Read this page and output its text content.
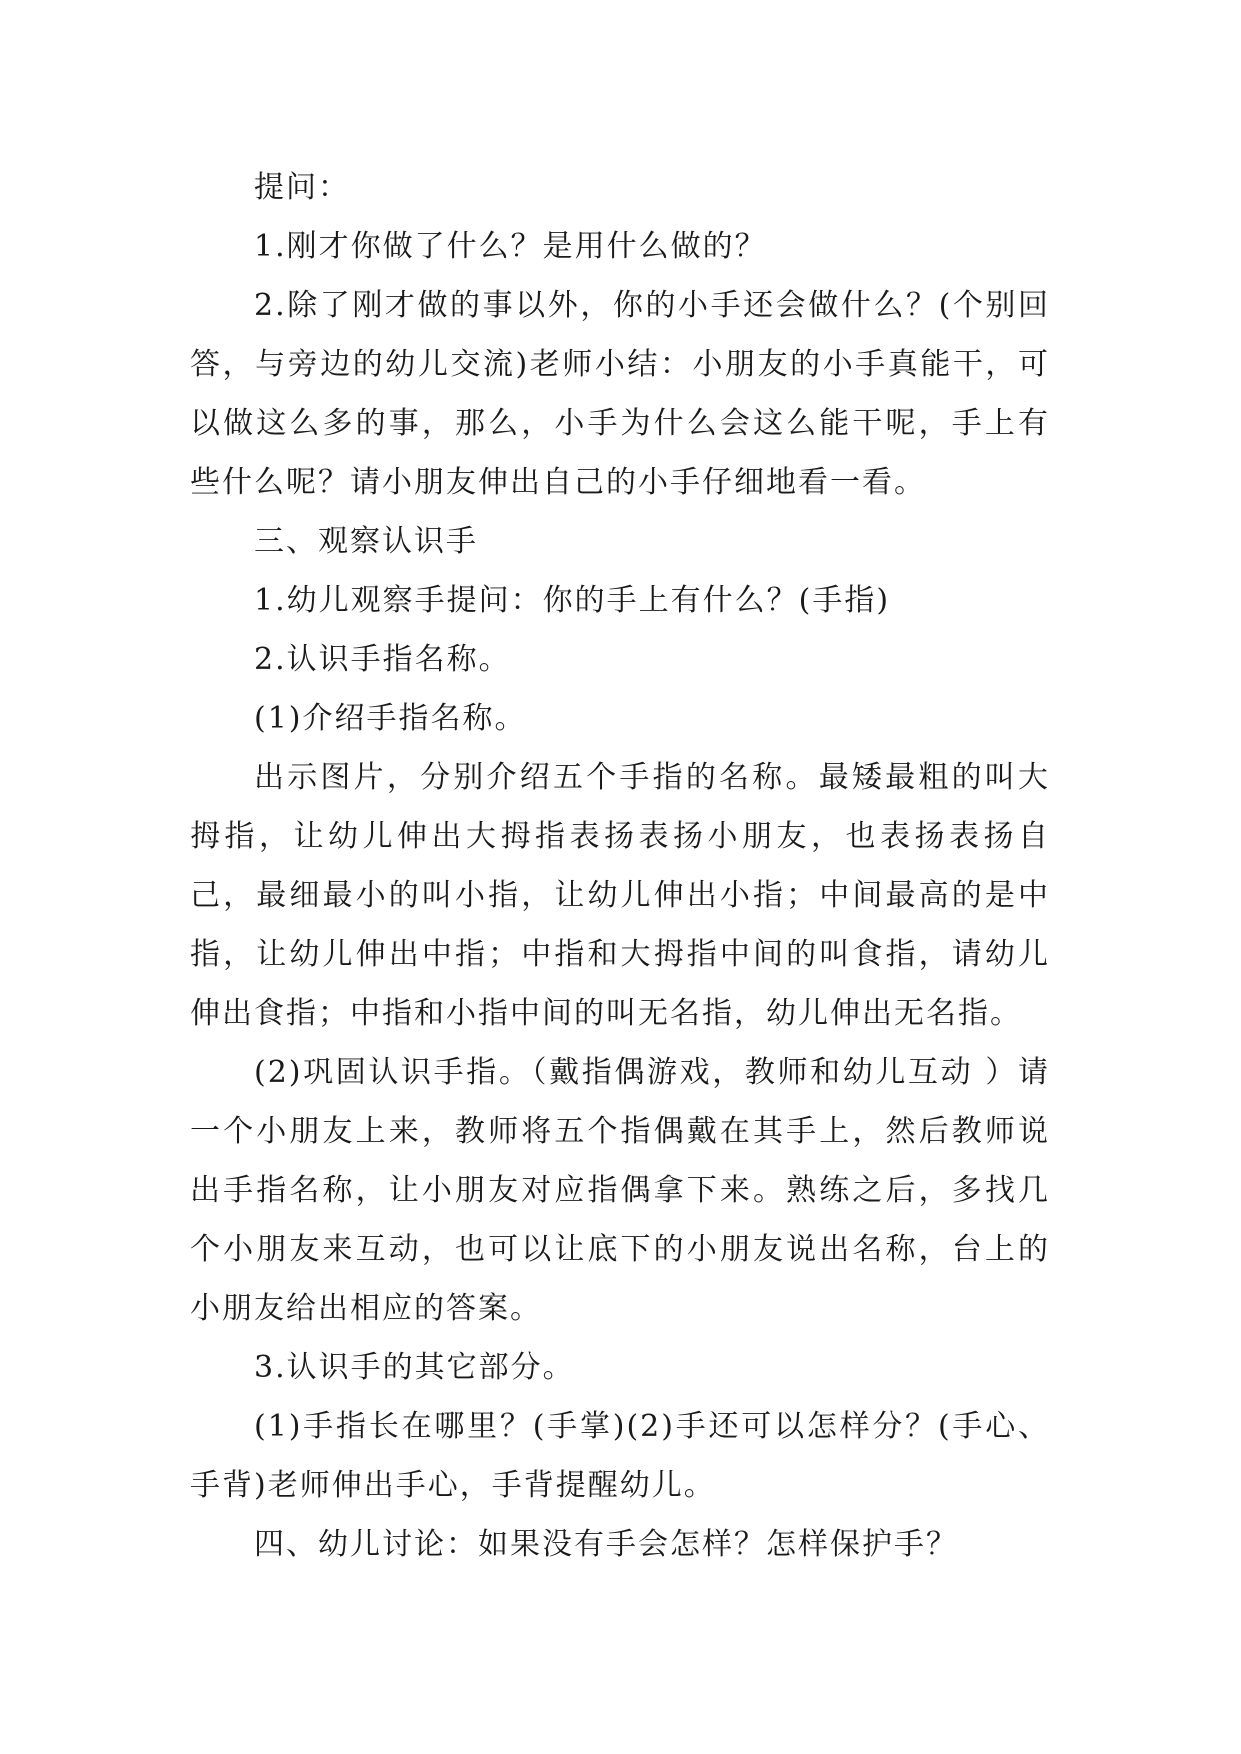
提问：

1.刚才你做了什么？是用什么做的？

2.除了刚才做的事以外，你的小手还会做什么？(个别回答，与旁边的幼儿交流)老师小结：小朋友的小手真能干，可以做这么多的事，那么，小手为什么会这么能干呢，手上有些什么呢？请小朋友伸出自己的小手仔细地看一看。

三、观察认识手

1.幼儿观察手提问：你的手上有什么？(手指)

2.认识手指名称。

(1)介绍手指名称。

出示图片，分别介绍五个手指的名称。最矮最粗的叫大拇指，让幼儿伸出大拇指表扬表扬小朋友，也表扬表扬自己，最细最小的叫小指，让幼儿伸出小指；中间最高的是中指，让幼儿伸出中指；中指和大拇指中间的叫食指，请幼儿伸出食指；中指和小指中间的叫无名指，幼儿伸出无名指。

(2)巩固认识手指。（戴指偶游戏，教师和幼儿互动 ）请一个小朋友上来，教师将五个指偶戴在其手上，然后教师说出手指名称，让小朋友对应指偶拿下来。熟练之后，多找几个小朋友来互动，也可以让底下的小朋友说出名称，台上的小朋友给出相应的答案。

3.认识手的其它部分。

(1)手指长在哪里？(手掌)(2)手还可以怎样分？(手心、手背)老师伸出手心，手背提醒幼儿。

四、幼儿讨论：如果没有手会怎样？怎样保护手？
